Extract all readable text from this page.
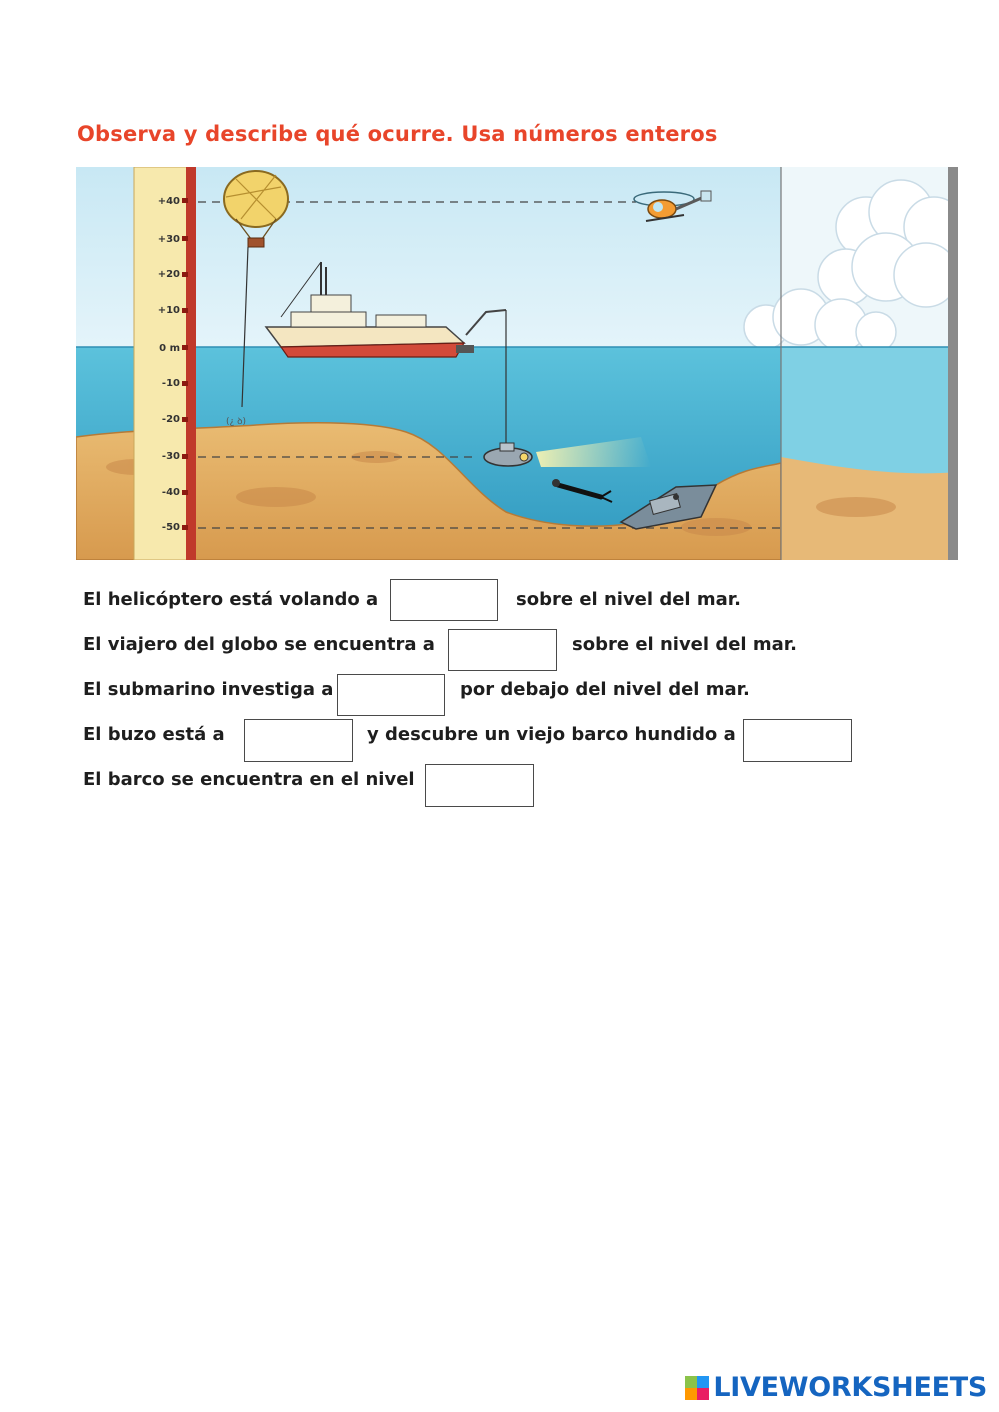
Observa y describe qué ocurre. Usa números enteros
+40
+30
+20
+10
0 m
-10
-20
-30
-40
-50
(¿ ꝺ)
El helicóptero está volando a	sobre el nivel del mar.
El viajero del globo se encuentra a	sobre el nivel del mar.
El submarino investiga a	por debajo del nivel del mar.
El buzo está a	y descubre un viejo barco hundido a
El barco se encuentra en el nivel
LIVEWORKSHEETS
